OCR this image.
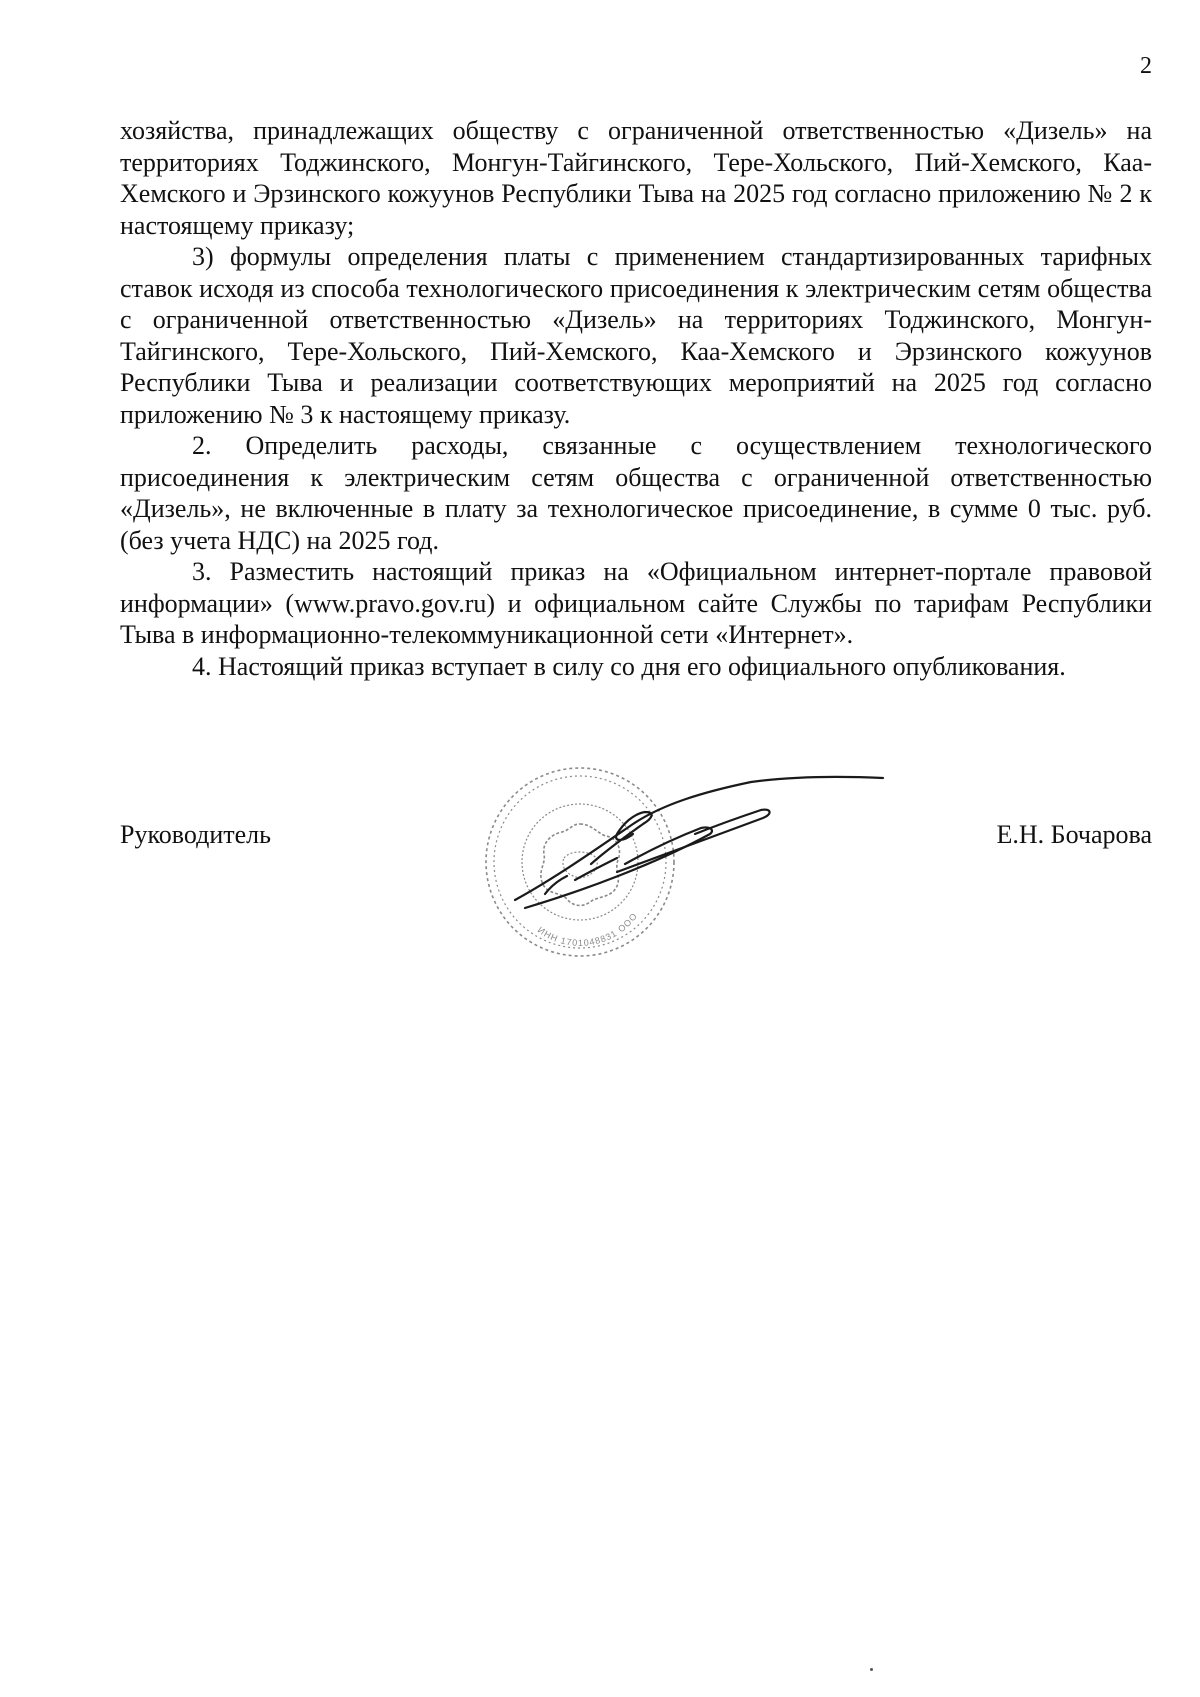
2

хозяйства, принадлежащих обществу с ограниченной ответственностью «Дизель» на территориях Тоджинского, Монгун-Тайгинского, Тере-Хольского, Пий-Хемского, Каа-Хемского и Эрзинского кожуунов Республики Тыва на 2025 год согласно приложению № 2 к настоящему приказу;

3) формулы определения платы с применением стандартизированных тарифных ставок исходя из способа технологического присоединения к электрическим сетям общества с ограниченной ответственностью «Дизель» на территориях Тоджинского, Монгун-Тайгинского, Тере-Хольского, Пий-Хемского, Каа-Хемского и Эрзинского кожуунов Республики Тыва и реализации соответствующих мероприятий на 2025 год согласно приложению № 3 к настоящему приказу.

2. Определить расходы, связанные с осуществлением технологического присоединения к электрическим сетям общества с ограниченной ответственностью «Дизель», не включенные в плату за технологическое присоединение, в сумме 0 тыс. руб. (без учета НДС) на 2025 год.

3. Разместить настоящий приказ на «Официальном интернет-портале правовой информации» (www.pravo.gov.ru) и официальном сайте Службы по тарифам Республики Тыва в информационно-телекоммуникационной сети «Интернет».

4. Настоящий приказ вступает в силу со дня его официального опубликования.

Руководитель
ИНН 1701048831 ООО
Е.Н. Бочарова
